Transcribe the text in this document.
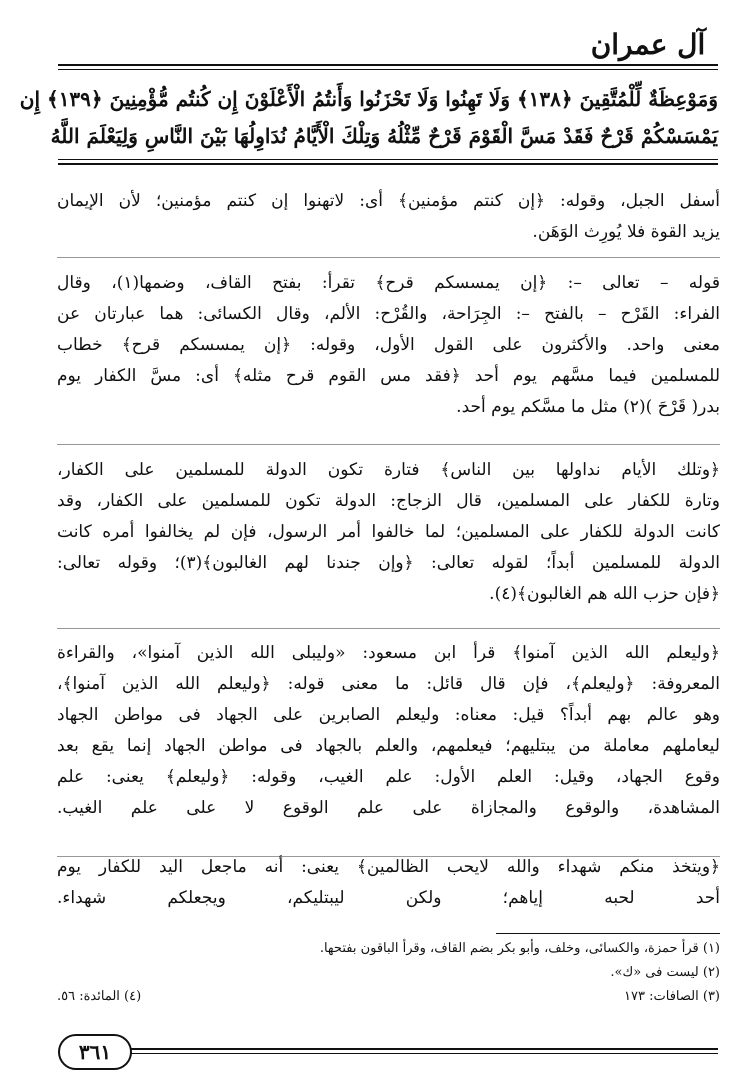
آل عمران
وَمَوْعِظَةٌ لِّلْمُتَّقِينَ ﴿١٣٨﴾ وَلَا تَهِنُوا وَلَا تَحْزَنُوا وَأَنتُمُ الْأَعْلَوْنَ إِن كُنتُم مُّؤْمِنِينَ ﴿١٣٩﴾ إِن
يَمْسَسْكُمْ قَرْحٌ فَقَدْ مَسَّ الْقَوْمَ قَرْحٌ مِّثْلُهُ وَتِلْكَ الْأَيَّامُ نُدَاوِلُهَا بَيْنَ النَّاسِ وَلِيَعْلَمَ اللَّهُ

أسفل الجبل، وقوله: ﴿إن كنتم مؤمنين﴾ أى: لاتهنوا إن كنتم مؤمنين؛ لأن الإيمان
يزيد القوة فلا يُورِث الوَهَن.

قوله – تعالى –: ﴿إن يمسسكم قرح﴾ تقرأ: بفتح القاف، وضمها(١)، وقال
الفراء: القَرْح – بالفتح –: الجِرَاحة، والقُرْح: الألم، وقال الكسائى: هما عبارتان عن
معنى واحد. والأكثرون على القول الأول، وقوله: ﴿إن يمسسكم قرح﴾ خطاب
للمسلمين فيما مسَّهم يوم أحد ﴿فقد مس القوم قرح مثله﴾ أى: مسَّ الكفار يوم
بدر( قَرْحَ )(٢) مثل ما مسَّكم يوم أحد.

﴿وتلك الأيام نداولها بين الناس﴾ فتارة تكون الدولة للمسلمين على الكفار،
وتارة للكفار على المسلمين، قال الزجاج: الدولة تكون للمسلمين على الكفار، وقد
كانت الدولة للكفار على المسلمين؛ لما خالفوا أمر الرسول، فإن لم يخالفوا أمره كانت
الدولة للمسلمين أبداً؛ لقوله تعالى: ﴿وإن جندنا لهم الغالبون﴾(٣)؛ وقوله تعالى:
﴿فإن حزب الله هم الغالبون﴾(٤).

﴿وليعلم الله الذين آمنوا﴾ قرأ ابن مسعود: «وليبلى الله الذين آمنوا»، والقراءة
المعروفة: ﴿وليعلم﴾، فإن قال قائل: ما معنى قوله: ﴿وليعلم الله الذين آمنوا﴾،
وهو عالم بهم أبداً؟ قيل: معناه: وليعلم الصابرين على الجهاد فى مواطن الجهاد
ليعاملهم معاملة من يبتليهم؛ فيعلمهم، والعلم بالجهاد فى مواطن الجهاد إنما يقع بعد
وقوع الجهاد، وقيل: العلم الأول: علم الغيب، وقوله: ﴿وليعلم﴾ يعنى: علم
المشاهدة، والوقوع والمجازاة على علم الوقوع لا على علم الغيب.

﴿ويتخذ منكم شهداء والله لايحب الظالمين﴾ يعنى: أنه ماجعل اليد للكفار يوم
أحد لحبه إياهم؛ ولكن ليبتليكم، ويجعلكم شهداء.

(١) قرأ حمزة، والكسائى، وخلف، وأبو بكر بضم القاف، وقرأ الباقون بفتحها.
(٢) ليست فى «ك».
(٣) الصافات: ١٧٣
(٤) المائدة: ٥٦.
٣٦١
